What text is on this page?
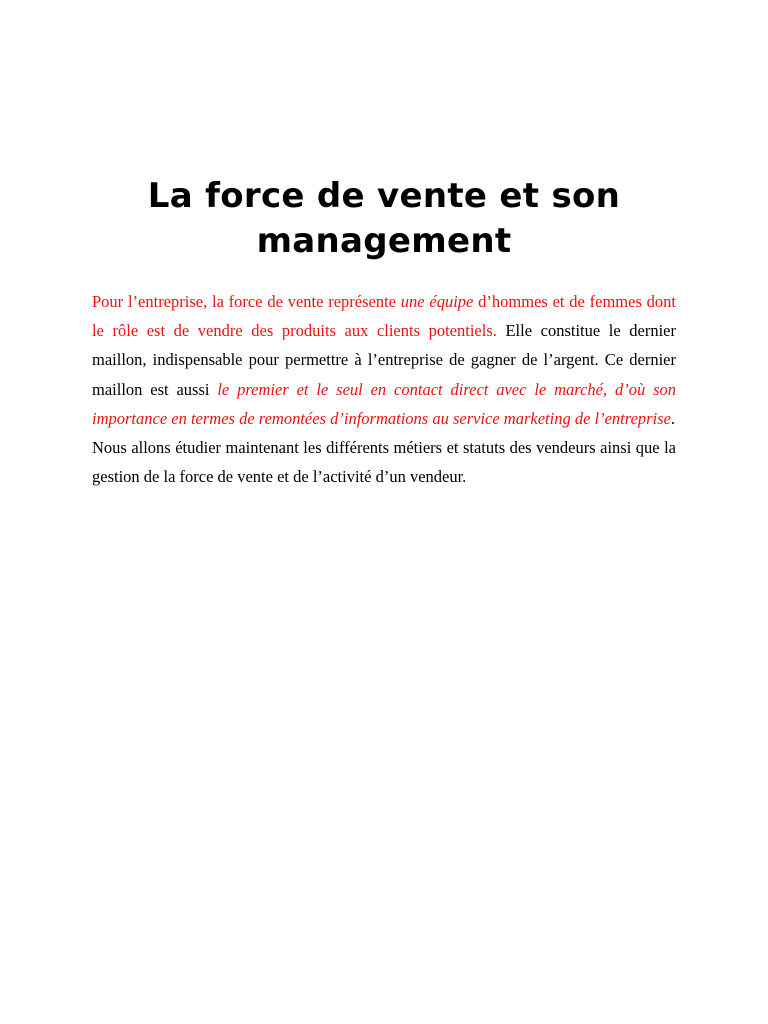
La force de vente et son management

Pour l’entreprise, la force de vente représente une équipe d’hommes et de femmes dont le rôle est de vendre des produits aux clients potentiels. Elle constitue le dernier maillon, indispensable pour permettre à l’entreprise de gagner de l’argent. Ce dernier maillon est aussi le premier et le seul en contact direct avec le marché, d’où son importance en termes de remontées d’informations au service marketing de l’entreprise.

Nous allons étudier maintenant les différents métiers et statuts des vendeurs ainsi que la gestion de la force de vente et de l’activité d’un vendeur.
